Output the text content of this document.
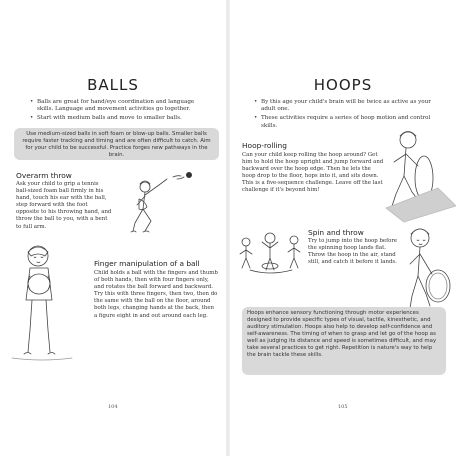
BALLS
• Balls are great for hand/eye coordination and language skills. Language and movement activities go together.
• Start with medium balls and move to smaller balls.
Use medium-sized balls in soft foam or blow-up balls. Smaller balls require faster tracking and timing and are often difficult to catch. Aim for your child to be successful. Practice forges new pathways in the brain.
Overarm throw

Ask your child to grip a tennis ball-sized foam ball firmly in his hand, touch his ear with the ball, step forward with the foot opposite to his throwing hand, and throw the ball to you, with a bent to full arm.

Finger manipulation of a ball

Child holds a ball with the fingers and thumb of both hands, then with four fingers only, and rotates the ball forward and backward. Try this with three fingers, then two, then do the same with the ball on the floor, around both legs, changing hands at the back, then a figure eight in and out around each leg.

104
HOOPS
• By this age your child's brain will be twice as active as your adult one.
• These activities require a series of hoop motion and control skills.
Hoop-rolling

Can your child keep rolling the hoop around? Get him to hold the hoop upright and jump forward and backward over the hoop edge. Then he lets the hoop drop to the floor, hops into it, and sits down. This is a five-sequence challenge. Leave off the last challenge if it's beyond him!

Spin and throw

Try to jump into the hoop before the spinning hoop lands flat. Throw the hoop in the air, stand still, and catch it before it lands.

Hoops enhance sensory functioning through motor experiences designed to provide specific types of visual, tactile, kinesthetic, and auditory stimulation. Hoops also help to develop self-confidence and self-awareness. The timing of when to grasp and let go of the hoop as well as judging its distance and speed is sometimes difficult, and may take several practices to get right. Repetition is nature's way to help the brain tackle these skills.
105
